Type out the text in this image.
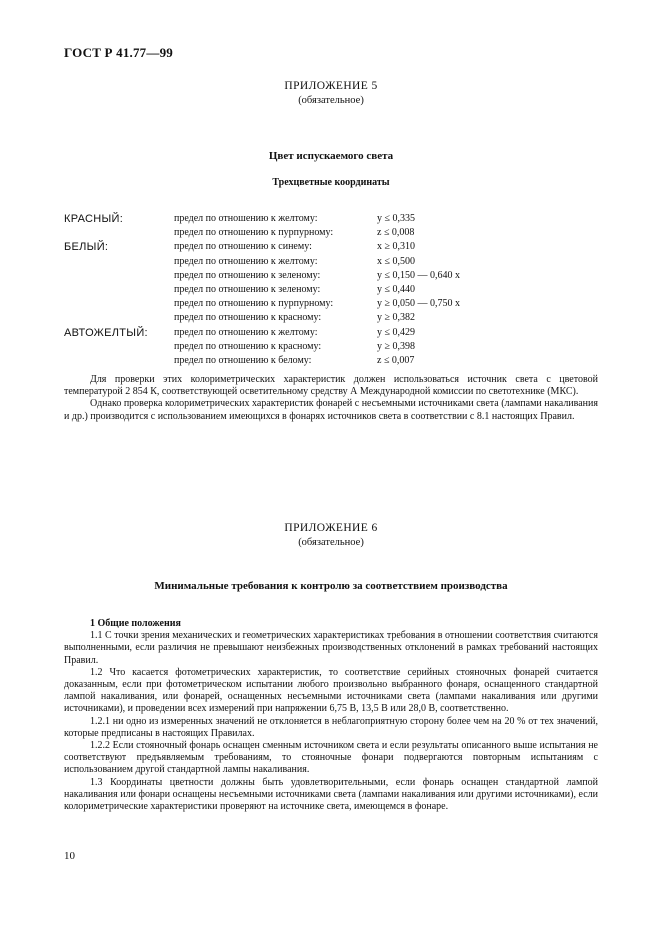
ГОСТ Р 41.77—99
ПРИЛОЖЕНИЕ 5
(обязательное)
Цвет испускаемого света
Трехцветные координаты
КРАСНЫЙ:	предел по отношению к желтому:	y ≤ 0,335
предел по отношению к пурпурному:	z ≤ 0,008
БЕЛЫЙ:	предел по отношению к синему:	x ≥ 0,310
предел по отношению к желтому:	x ≤ 0,500
предел по отношению к зеленому:	y ≤ 0,150 — 0,640 x
предел по отношению к зеленому:	y ≤ 0,440
предел по отношению к пурпурному:	y ≥ 0,050 — 0,750 x
предел по отношению к красному:	y ≥ 0,382
АВТОЖЕЛТЫЙ:	предел по отношению к желтому:	y ≤ 0,429
предел по отношению к красному:	y ≥ 0,398
предел по отношению к белому:	z ≤ 0,007

Для проверки этих колориметрических характеристик должен использоваться источник света с цветовой температурой 2 854 К, соответствующей осветительному средству А Международной комиссии по светотехнике (МКС).

Однако проверка колориметрических характеристик фонарей с несъемными источниками света (лампами накаливания и др.) производится с использованием имеющихся в фонарях источников света в соответствии с 8.1 настоящих Правил.

ПРИЛОЖЕНИЕ 6
(обязательное)
Минимальные требования к контролю за соответствием производства

1 Общие положения

1.1 С точки зрения механических и геометрических характеристиках требования в отношении соответствия считаются выполненными, если различия не превышают неизбежных производственных отклонений в рамках требований настоящих Правил.

1.2 Что касается фотометрических характеристик, то соответствие серийных стояночных фонарей считается доказанным, если при фотометрическом испытании любого произвольно выбранного фонаря, оснащенного стандартной лампой накаливания, или фонарей, оснащенных несъемными источниками света (лампами накаливания или другими источниками), и проведении всех измерений при напряжении 6,75 В, 13,5 В или 28,0 В, соответственно.

1.2.1 ни одно из измеренных значений не отклоняется в неблагоприятную сторону более чем на 20 % от тех значений, которые предписаны в настоящих Правилах.

1.2.2 Если стояночный фонарь оснащен сменным источником света и если результаты описанного выше испытания не соответствуют предъявляемым требованиям, то стояночные фонари подвергаются повторным испытаниям с использованием другой стандартной лампы накаливания.

1.3 Координаты цветности должны быть удовлетворительными, если фонарь оснащен стандартной лампой накаливания или фонари оснащены несъемными источниками света (лампами накаливания или другими источниками), если колориметрические характеристики проверяют на источнике света, имеющемся в фонаре.

10
